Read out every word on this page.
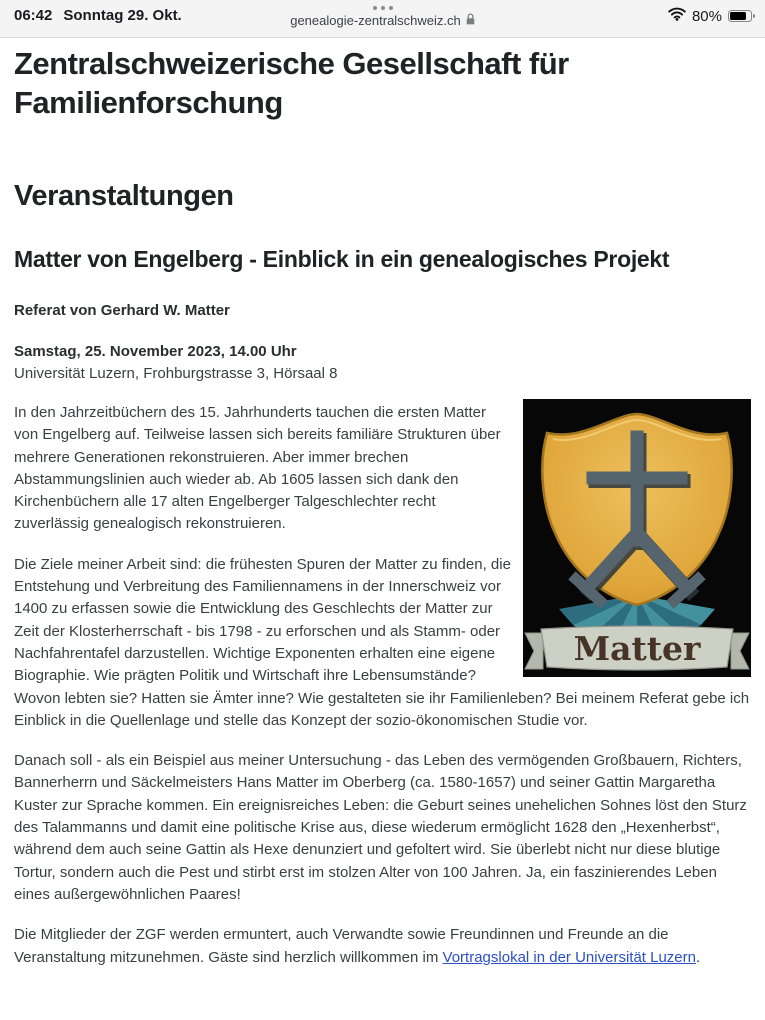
06:42 Sonntag 29. Okt.	genealogie-zentralschweiz.ch	80%
Zentralschweizerische Gesellschaft für Familienforschung
Veranstaltungen
Matter von Engelberg - Einblick in ein genealogisches Projekt

Referat von Gerhard W. Matter

Samstag, 25. November 2023, 14.00 Uhr

Universität Luzern, Frohburgstrasse 3, Hörsaal 8

Matter

In den Jahrzeitbüchern des 15. Jahrhunderts tauchen die ersten Matter von Engelberg auf. Teilweise lassen sich bereits familiäre Strukturen über mehrere Generationen rekonstruieren. Aber immer brechen Abstammungslinien auch wieder ab. Ab 1605 lassen sich dank den Kirchenbüchern alle 17 alten Engelberger Talgeschlechter recht zuverlässig genealogisch rekonstruieren.

Die Ziele meiner Arbeit sind: die frühesten Spuren der Matter zu finden, die Entstehung und Verbreitung des Familiennamens in der Innerschweiz vor 1400 zu erfassen sowie die Entwicklung des Geschlechts der Matter zur Zeit der Klosterherrschaft - bis 1798 - zu erforschen und als Stamm- oder Nachfahrentafel darzustellen. Wichtige Exponenten erhalten eine eigene Biographie. Wie prägten Politik und Wirtschaft ihre Lebensumstände? Wovon lebten sie? Hatten sie Ämter inne? Wie gestalteten sie ihr Familienleben? Bei meinem Referat gebe ich Einblick in die Quellenlage und stelle das Konzept der sozio-ökonomischen Studie vor.

Danach soll - als ein Beispiel aus meiner Untersuchung - das Leben des vermögenden Großbauern, Richters, Bannerherrn und Säckelmeisters Hans Matter im Oberberg (ca. 1580-1657) und seiner Gattin Margaretha Kuster zur Sprache kommen. Ein ereignisreiches Leben: die Geburt seines unehelichen Sohnes löst den Sturz des Talammanns und damit eine politische Krise aus, diese wiederum ermöglicht 1628 den „Hexenherbst“, während dem auch seine Gattin als Hexe denunziert und gefoltert wird. Sie überlebt nicht nur diese blutige Tortur, sondern auch die Pest und stirbt erst im stolzen Alter von 100 Jahren. Ja, ein faszinierendes Leben eines außergewöhnlichen Paares!

Die Mitglieder der ZGF werden ermuntert, auch Verwandte sowie Freundinnen und Freunde an die Veranstaltung mitzunehmen. Gäste sind herzlich willkommen im Vortragslokal in der Universität Luzern.
